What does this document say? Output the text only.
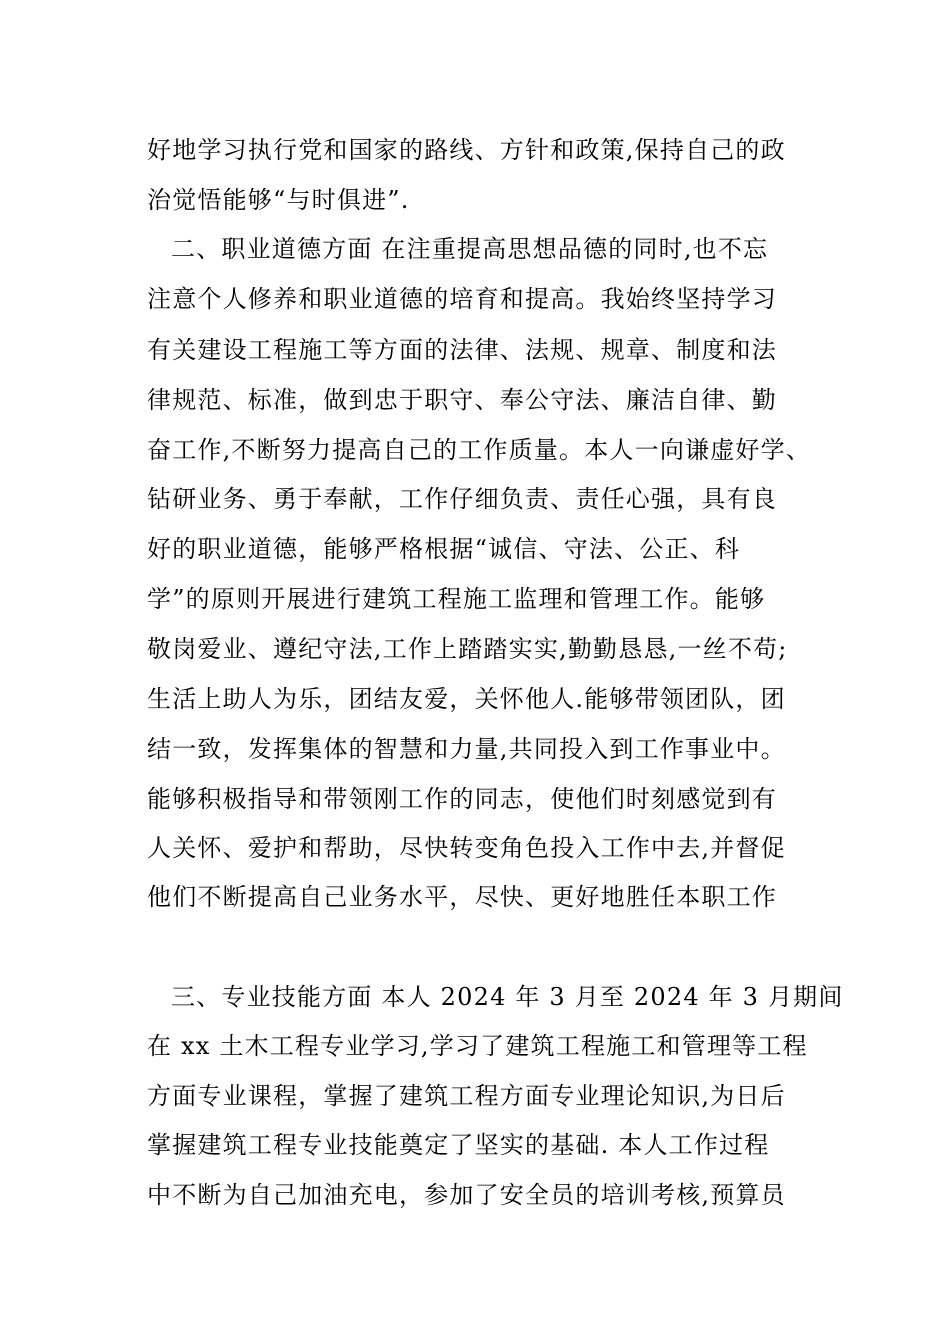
好地学习执行党和国家的路线、方针和政策,保持自己的政
治觉悟能够“与时俱进”.
二、职业道德方面 在注重提高思想品德的同时,也不忘
注意个人修养和职业道德的培育和提高。我始终坚持学习
有关建设工程施工等方面的法律、法规、规章、制度和法
律规范、标准，做到忠于职守、奉公守法、廉洁自律、勤
奋工作,不断努力提高自己的工作质量。本人一向谦虚好学、
钻研业务、勇于奉献，工作仔细负责、责任心强，具有良
好的职业道德，能够严格根据“诚信、守法、公正、科
学”的原则开展进行建筑工程施工监理和管理工作。能够
敬岗爱业、遵纪守法,工作上踏踏实实,勤勤恳恳,一丝不苟;
生活上助人为乐，团结友爱，关怀他人.能够带领团队，团
结一致，发挥集体的智慧和力量,共同投入到工作事业中。
能够积极指导和带领刚工作的同志，使他们时刻感觉到有
人关怀、爱护和帮助，尽快转变角色投入工作中去,并督促
他们不断提高自己业务水平，尽快、更好地胜任本职工作
三、专业技能方面 本人 2024 年 3 月至 2024 年 3 月期间
在 xx 土木工程专业学习,学习了建筑工程施工和管理等工程
方面专业课程，掌握了建筑工程方面专业理论知识,为日后
掌握建筑工程专业技能奠定了坚实的基础. 本人工作过程
中不断为自己加油充电，参加了安全员的培训考核,预算员
